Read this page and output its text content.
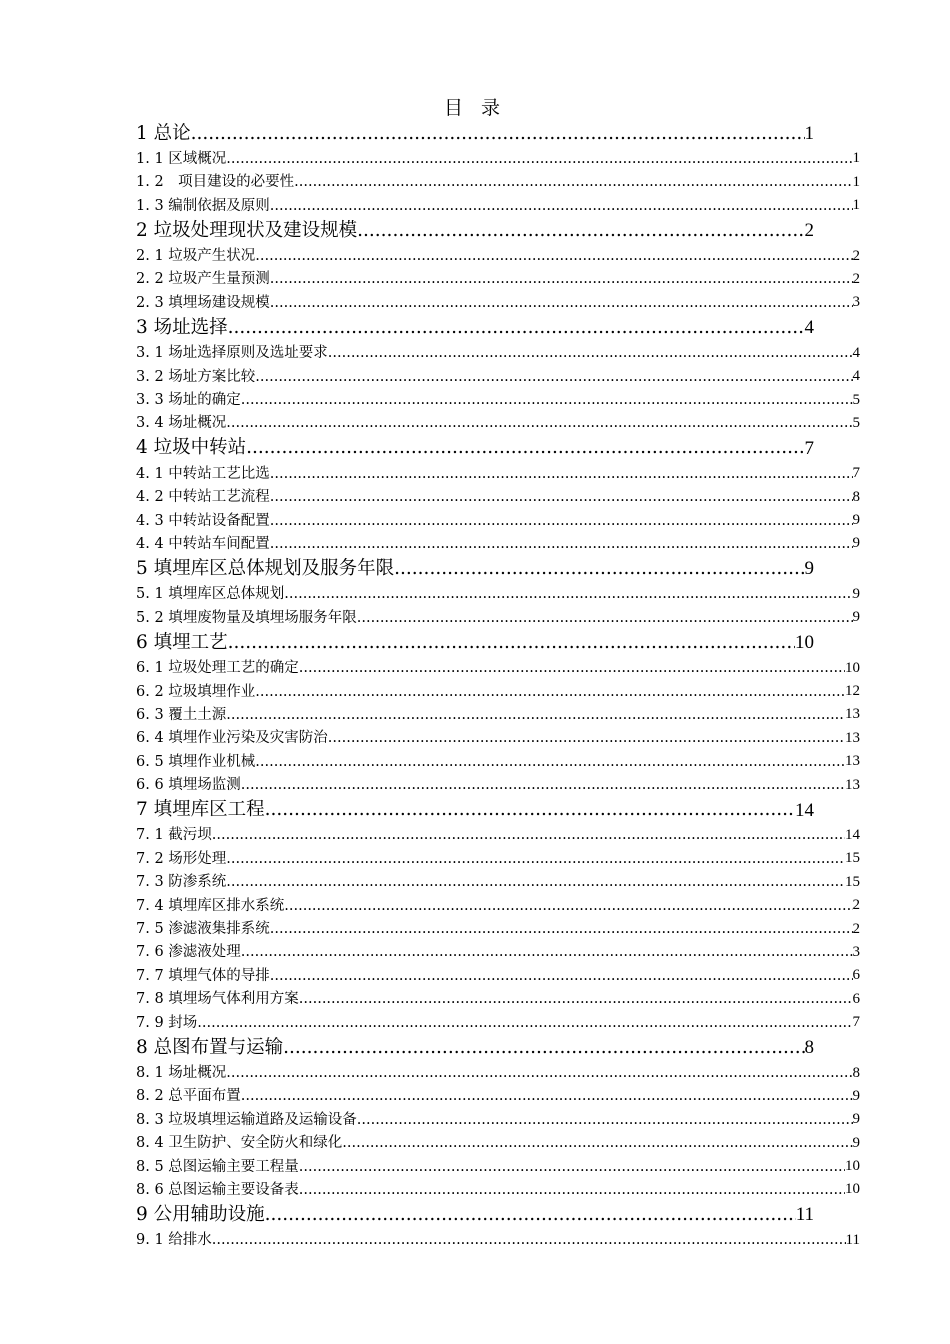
目 录
1 总论 .....	1
1. 1 区域概况 .....	1
1. 2　项目建设的必要性 .....	1
1. 3 编制依据及原则 .....	1
2 垃圾处理现状及建设规模 .....	2
2. 1 垃圾产生状况 .....	2
2. 2 垃圾产生量预测 .....	2
2. 3 填埋场建设规模 .....	3
3 场址选择 .....	4
3. 1 场址选择原则及选址要求 .....	4
3. 2 场址方案比较 .....	4
3. 3 场址的确定 .....	5
3. 4 场址概况 .....	5
4 垃圾中转站 .....	7
4. 1 中转站工艺比选 .....	7
4. 2 中转站工艺流程 .....	8
4. 3 中转站设备配置 .....	9
4. 4 中转站车间配置 .....	9
5 填埋库区总体规划及服务年限 .....	9
5. 1 填埋库区总体规划 .....	9
5. 2 填埋废物量及填埋场服务年限 .....	9
6 填埋工艺 .....	10
6. 1 垃圾处理工艺的确定 .....	10
6. 2 垃圾填埋作业 .....	12
6. 3 覆土土源 .....	13
6. 4 填埋作业污染及灾害防治 .....	13
6. 5 填埋作业机械 .....	13
6. 6 填埋场监测 .....	13
7 填埋库区工程 .....	14
7. 1 截污坝 .....	14
7. 2 场形处理 .....	15
7. 3 防渗系统 .....	15
7. 4 填埋库区排水系统 .....	2
7. 5 渗滤液集排系统 .....	2
7. 6 渗滤液处理 .....	3
7. 7 填埋气体的导排 .....	6
7. 8 填埋场气体利用方案 .....	6
7. 9 封场 .....	7
8 总图布置与运输 .....	8
8. 1 场址概况 .....	8
8. 2 总平面布置 .....	9
8. 3 垃圾填埋运输道路及运输设备 .....	9
8. 4 卫生防护、安全防火和绿化 .....	9
8. 5 总图运输主要工程量 .....	10
8. 6 总图运输主要设备表 .....	10
9 公用辅助设施 .....	11
9. 1 给排水 .....	11
